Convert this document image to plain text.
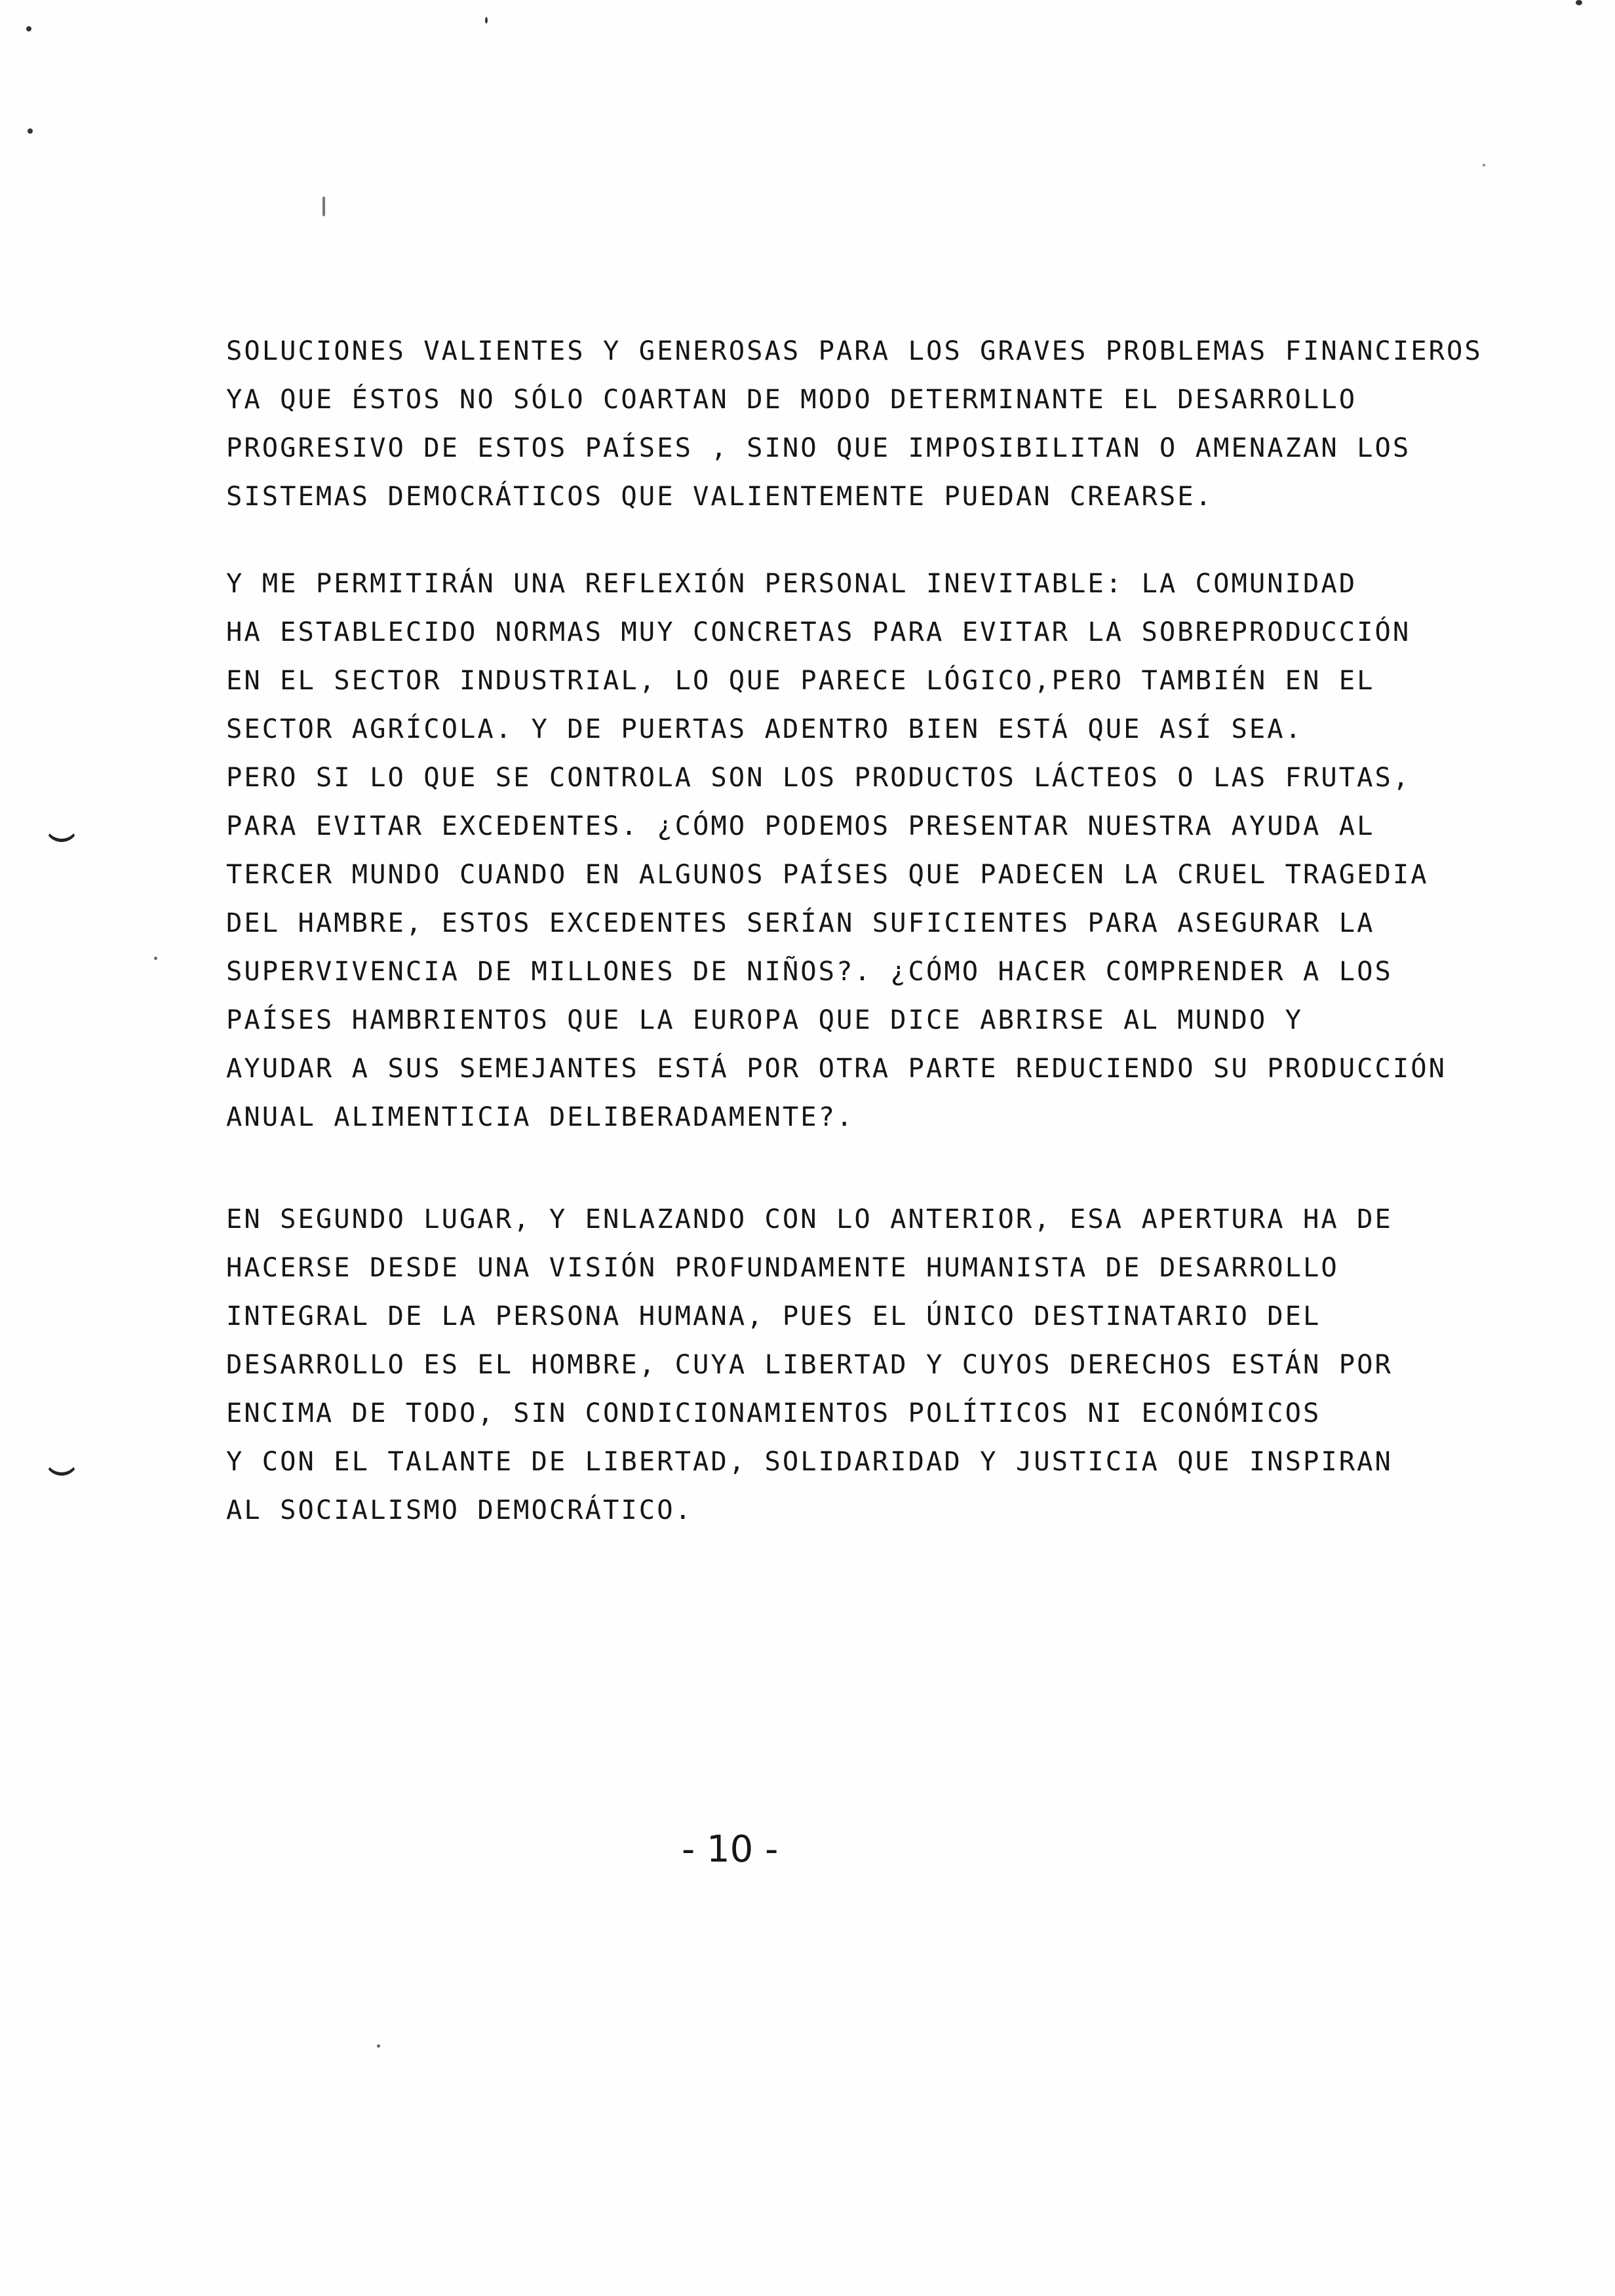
SOLUCIONES VALIENTES Y GENEROSAS PARA LOS GRAVES PROBLEMAS FINANCIEROS
YA QUE ÉSTOS NO SÓLO COARTAN DE MODO DETERMINANTE EL DESARROLLO
PROGRESIVO DE ESTOS PAÍSES , SINO QUE IMPOSIBILITAN O AMENAZAN LOS
SISTEMAS DEMOCRÁTICOS QUE VALIENTEMENTE PUEDAN CREARSE.
Y ME PERMITIRÁN UNA REFLEXIÓN PERSONAL INEVITABLE: LA COMUNIDAD
HA ESTABLECIDO NORMAS MUY CONCRETAS PARA EVITAR LA SOBREPRODUCCIÓN
EN EL SECTOR INDUSTRIAL, LO QUE PARECE LÓGICO,PERO TAMBIÉN EN EL
SECTOR AGRÍCOLA. Y DE PUERTAS ADENTRO BIEN ESTÁ QUE ASÍ SEA.
PERO SI LO QUE SE CONTROLA SON LOS PRODUCTOS LÁCTEOS O LAS FRUTAS,
PARA EVITAR EXCEDENTES. ¿CÓMO PODEMOS PRESENTAR NUESTRA AYUDA AL
TERCER MUNDO CUANDO EN ALGUNOS PAÍSES QUE PADECEN LA CRUEL TRAGEDIA
DEL HAMBRE, ESTOS EXCEDENTES SERÍAN SUFICIENTES PARA ASEGURAR LA
SUPERVIVENCIA DE MILLONES DE NIÑOS?. ¿CÓMO HACER COMPRENDER A LOS
PAÍSES HAMBRIENTOS QUE LA EUROPA QUE DICE ABRIRSE AL MUNDO Y
AYUDAR A SUS SEMEJANTES ESTÁ POR OTRA PARTE REDUCIENDO SU PRODUCCIÓN
ANUAL ALIMENTICIA DELIBERADAMENTE?.
EN SEGUNDO LUGAR, Y ENLAZANDO CON LO ANTERIOR, ESA APERTURA HA DE
HACERSE DESDE UNA VISIÓN PROFUNDAMENTE HUMANISTA DE DESARROLLO
INTEGRAL DE LA PERSONA HUMANA, PUES EL ÚNICO DESTINATARIO DEL
DESARROLLO ES EL HOMBRE, CUYA LIBERTAD Y CUYOS DERECHOS ESTÁN POR
ENCIMA DE TODO, SIN CONDICIONAMIENTOS POLÍTICOS NI ECONÓMICOS
Y CON EL TALANTE DE LIBERTAD, SOLIDARIDAD Y JUSTICIA QUE INSPIRAN
AL SOCIALISMO DEMOCRÁTICO.
- 10 -
